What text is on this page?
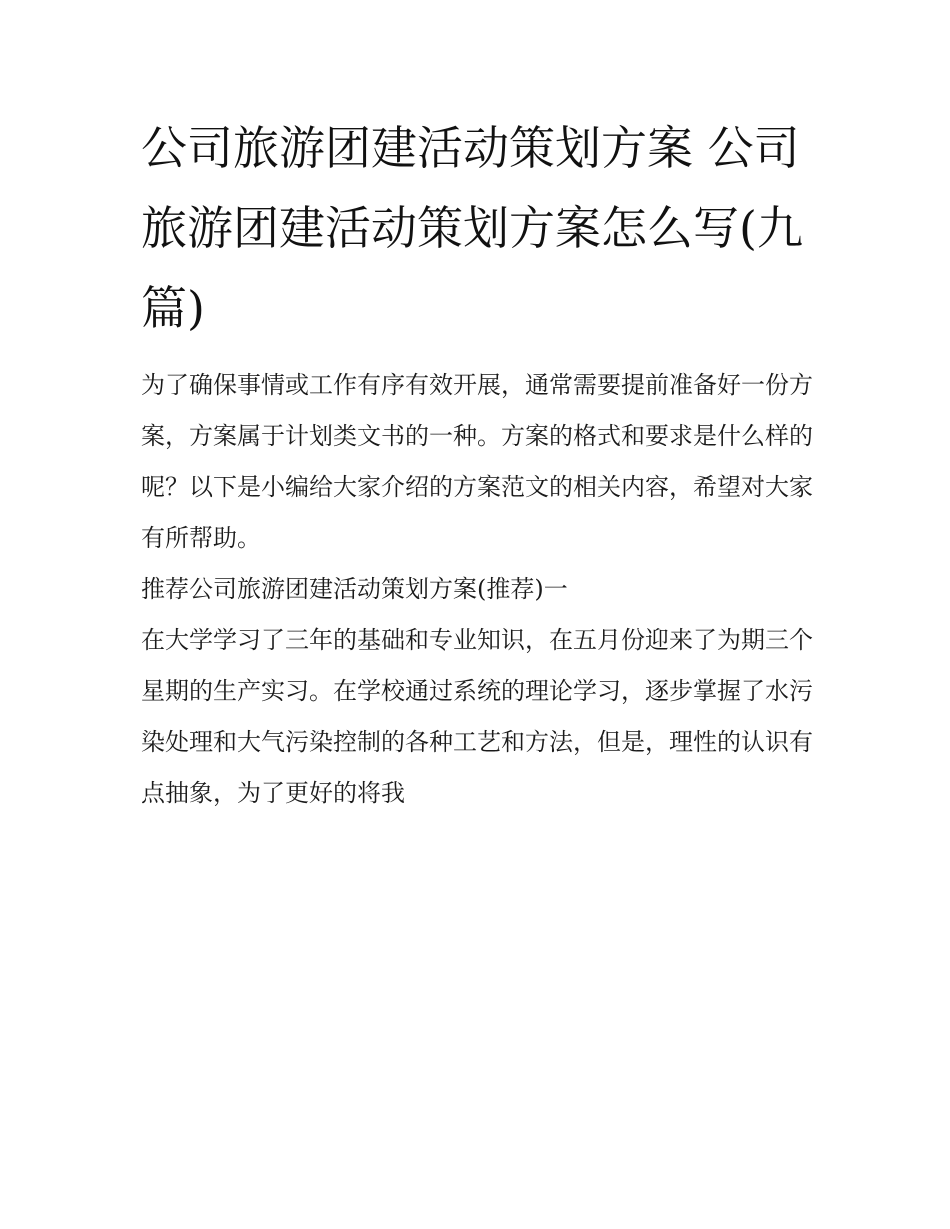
公司旅游团建活动策划方案 公司旅游团建活动策划方案怎么写(九篇)

为了确保事情或工作有序有效开展，通常需要提前准备好一份方案，方案属于计划类文书的一种。方案的格式和要求是什么样的呢？以下是小编给大家介绍的方案范文的相关内容，希望对大家有所帮助。

推荐公司旅游团建活动策划方案(推荐)一

在大学学习了三年的基础和专业知识，在五月份迎来了为期三个星期的生产实习。在学校通过系统的理论学习，逐步掌握了水污染处理和大气污染控制的各种工艺和方法，但是，理性的认识有点抽象，为了更好的将我
